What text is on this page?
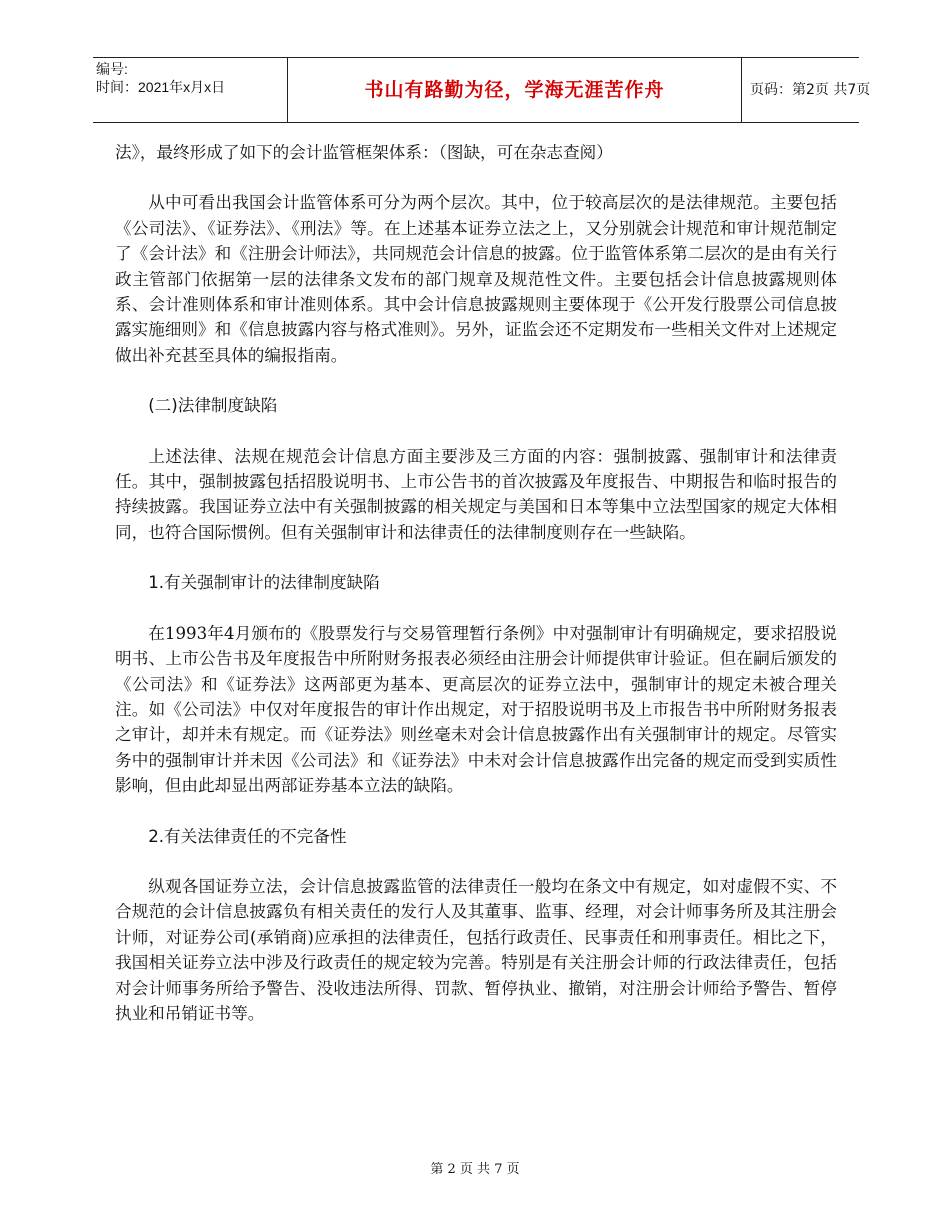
编号:
时间：2021年x月x日	书山有路勤为径，学海无涯苦作舟	页码：第2页 共7页

法》，最终形成了如下的会计监管框架体系：（图缺，可在杂志查阅）

从中可看出我国会计监管体系可分为两个层次。其中，位于较高层次的是法律规范。主要包括《公司法》、《证券法》、《刑法》等。在上述基本证券立法之上，又分别就会计规范和审计规范制定了《会计法》和《注册会计师法》，共同规范会计信息的披露。位于监管体系第二层次的是由有关行政主管部门依据第一层的法律条文发布的部门规章及规范性文件。主要包括会计信息披露规则体系、会计准则体系和审计准则体系。其中会计信息披露规则主要体现于《公开发行股票公司信息披露实施细则》和《信息披露内容与格式准则》。另外，证监会还不定期发布一些相关文件对上述规定做出补充甚至具体的编报指南。

(二)法律制度缺陷

上述法律、法规在规范会计信息方面主要涉及三方面的内容：强制披露、强制审计和法律责任。其中，强制披露包括招股说明书、上市公告书的首次披露及年度报告、中期报告和临时报告的持续披露。我国证券立法中有关强制披露的相关规定与美国和日本等集中立法型国家的规定大体相同，也符合国际惯例。但有关强制审计和法律责任的法律制度则存在一些缺陷。

1.有关强制审计的法律制度缺陷

在1993年4月颁布的《股票发行与交易管理暂行条例》中对强制审计有明确规定，要求招股说明书、上市公告书及年度报告中所附财务报表必须经由注册会计师提供审计验证。但在嗣后颁发的《公司法》和《证券法》这两部更为基本、更高层次的证券立法中，强制审计的规定未被合理关注。如《公司法》中仅对年度报告的审计作出规定，对于招股说明书及上市报告书中所附财务报表之审计，却并未有规定。而《证券法》则丝毫未对会计信息披露作出有关强制审计的规定。尽管实务中的强制审计并未因《公司法》和《证券法》中未对会计信息披露作出完备的规定而受到实质性影响，但由此却显出两部证券基本立法的缺陷。

2.有关法律责任的不完备性

纵观各国证券立法，会计信息披露监管的法律责任一般均在条文中有规定，如对虚假不实、不合规范的会计信息披露负有相关责任的发行人及其董事、监事、经理，对会计师事务所及其注册会计师，对证券公司(承销商)应承担的法律责任，包括行政责任、民事责任和刑事责任。相比之下，我国相关证券立法中涉及行政责任的规定较为完善。特别是有关注册会计师的行政法律责任，包括对会计师事务所给予警告、没收违法所得、罚款、暂停执业、撤销，对注册会计师给予警告、暂停执业和吊销证书等。

第 2 页 共 7 页
